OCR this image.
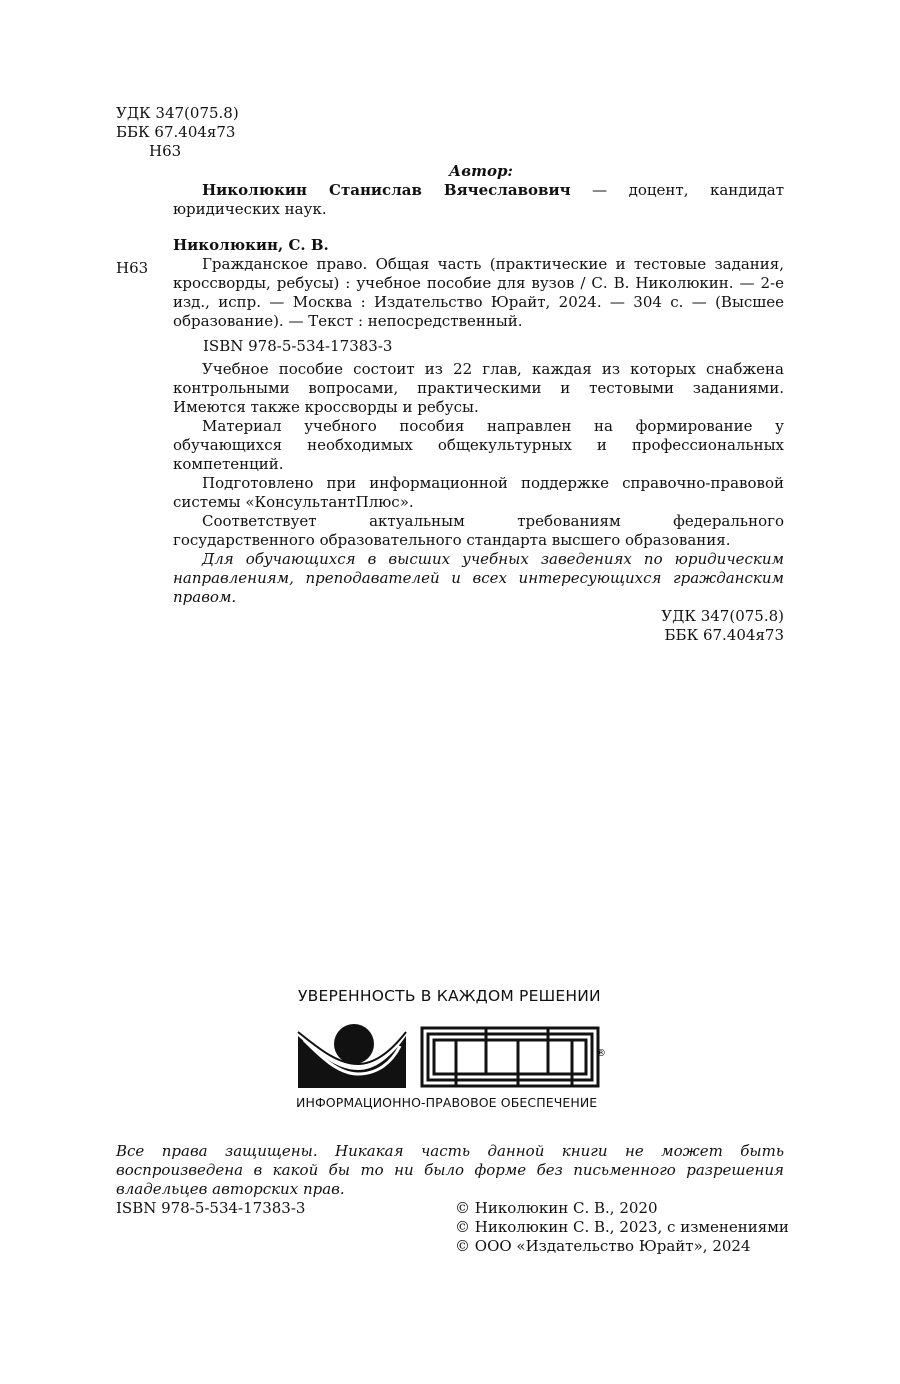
УДК 347(075.8)
ББК 67.404я73
Н63
Автор:

Николюкин Станислав Вячеславович — доцент, кандидат юридических наук.

Николюкин, С. В.
Н63	Гражданское право. Общая часть (практические и тестовые задания, кроссворды, ребусы) : учебное пособие для вузов / С. В. Николюкин. — 2-е изд., испр. — Москва : Издательство Юрайт, 2024. — 304 с. — (Высшее образование). — Текст : непосредственный.

ISBN 978-5-534-17383-3

Учебное пособие состоит из 22 глав, каждая из которых снабжена контрольными вопросами, практическими и тестовыми заданиями. Имеются также кроссворды и ребусы.

Материал учебного пособия направлен на формирование у обучающихся необходимых общекультурных и профессиональных компетенций.

Подготовлено при информационной поддержке справочно-правовой системы «КонсультантПлюс».

Соответствует актуальным требованиям федерального государственного образовательного стандарта высшего образования.

Для обучающихся в высших учебных заведениях по юридическим направлениям, преподавателей и всех интересующихся гражданским правом.

УДК 347(075.8)
ББК 67.404я73
УВЕРЕННОСТЬ В КАЖДОМ РЕШЕНИИ
®
ИНФОРМАЦИОННО-ПРАВОВОЕ ОБЕСПЕЧЕНИЕ

Все права защищены. Никакая часть данной книги не может быть воспроизведена в какой бы то ни было форме без письменного разрешения владельцев авторских прав.

ISBN 978-5-534-17383-3	© Николюкин С. В., 2020
© Николюкин С. В., 2023, с изменениями
© ООО «Издательство Юрайт», 2024
